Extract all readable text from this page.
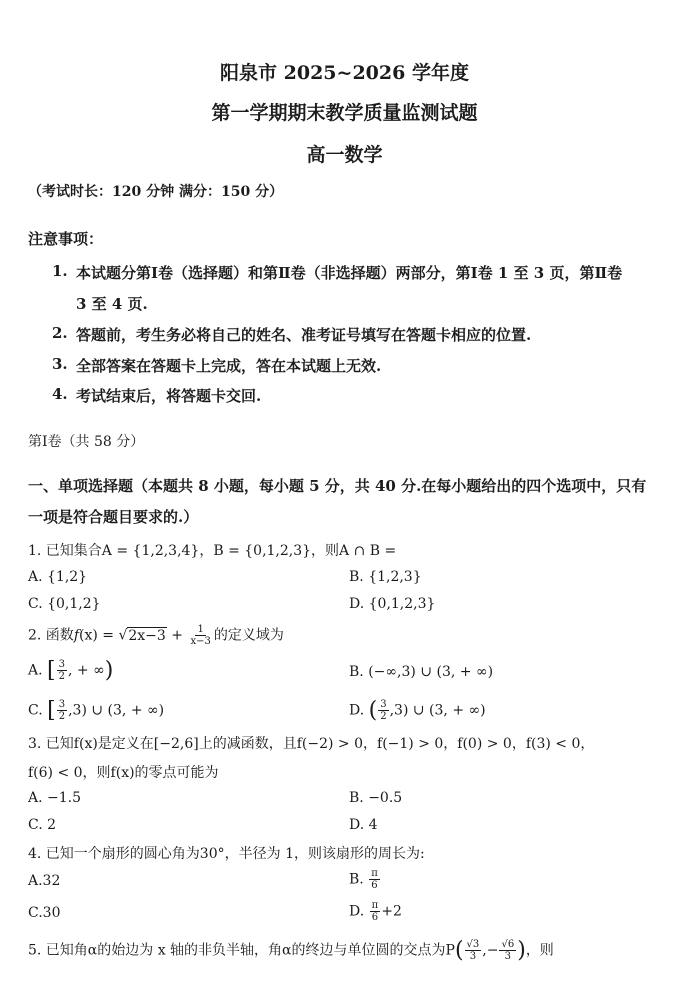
阳泉市 2025~2026 学年度
第一学期期末教学质量监测试题
高一数学
（考试时长：120 分钟 满分：150 分）
注意事项：
1. 本试题分第Ⅰ卷（选择题）和第Ⅱ卷（非选择题）两部分，第Ⅰ卷 1 至 3 页，第Ⅱ卷
3 至 4 页.
2. 答题前，考生务必将自己的姓名、准考证号填写在答题卡相应的位置.
3. 全部答案在答题卡上完成，答在本试题上无效.
4. 考试结束后，将答题卡交回.
第Ⅰ卷（共 58 分）
一、单项选择题（本题共 8 小题，每小题 5 分，共 40 分.在每小题给出的四个选项中，只有
一项是符合题目要求的.）
1. 已知集合A = {1,2,3,4}，B = {0,1,2,3}，则A ∩ B =
A. {1,2}	B. {1,2,3}
C. {0,1,2}	D. {0,1,2,3}
2. 函数$f(x) = √2x-3 + \frac{1}{x-3}$ 的定义域为
A. [ $\frac{3}{2}$ , + ∞)	B. (−∞,3) ∪ (3, + ∞)
C. [ $\frac{3}{2} ,3$) ∪ (3, + ∞)	D. ( $\frac{3}{2} ,3$) ∪ (3, + ∞)
3. 已知f(x)是定义在[−2,6]上的减函数，且f(−2) > 0，f(−1) > 0，f(0) > 0，f(3) < 0，
f(6) < 0，则f(x)的零点可能为
A. −1.5	B. −0.5
C. 2	D. 4
4. 已知一个扇形的圆心角为30°，半径为 1，则该扇形的周长为:
A.32	B. $\frac{\pi}{6}$
C.30	D. $\frac{\pi}{6} +2$
5. 已知角α的始边为 x 轴的非负半轴，角α的终边与单位圆的交点为$P( \frac{√3}{3}$ ,− $\frac{√6}{3}$ )，则
